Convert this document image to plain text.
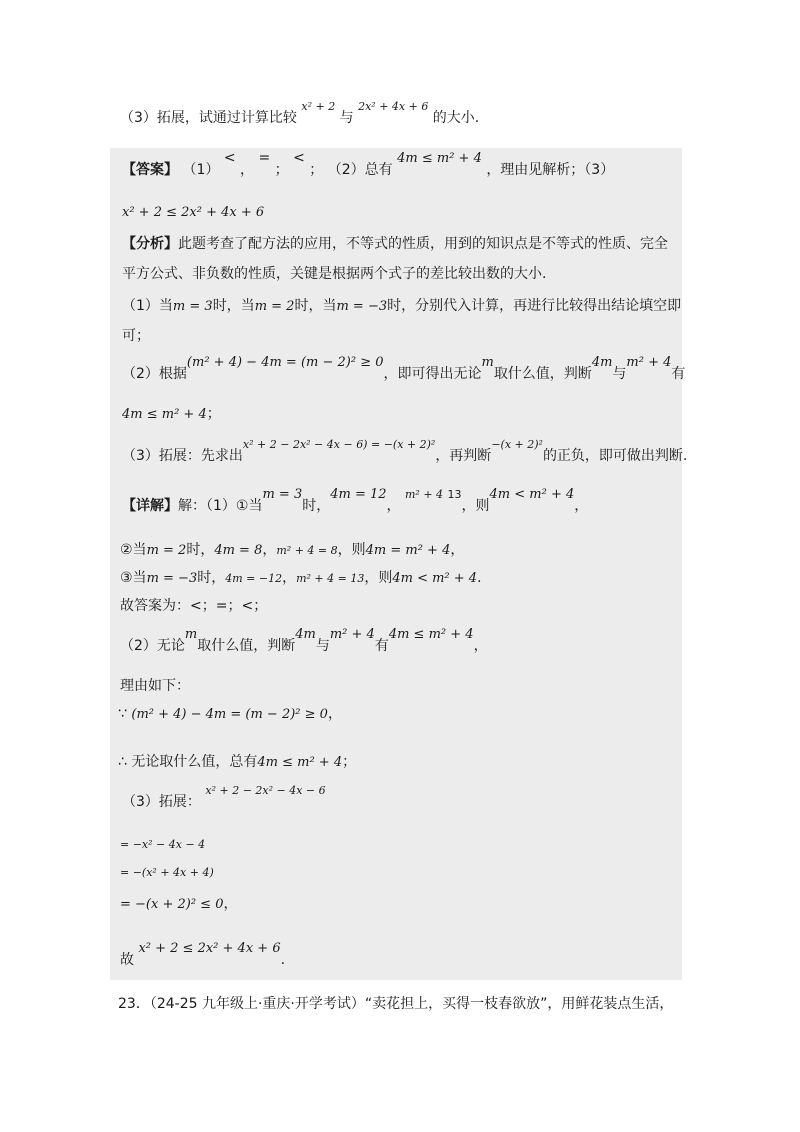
（3）拓展，试通过计算比较 $^{x^2 + 2}$ 与 $^{2x^2 + 4x + 6}$ 的大小.
【答案】 （1） < ， = ； < ； （2）总有 4m ≤ m² + 4 ，理由见解析；（3）
x² + 2 ≤ 2x² + 4x + 6
【分析】此题考查了配方法的应用，不等式的性质，用到的知识点是不等式的性质、完全
平方公式、非负数的性质，关键是根据两个式子的差比较出数的大小.
（1）当m = 3时，当m = 2时，当m = −3时，分别代入计算，再进行比较得出结论填空即
可；
（2）根据(m² + 4) − 4m = (m − 2)² ≥ 0，即可得出无论m取什么值，判断4m与m² + 4有
4m ≤ m² + 4；
（3）拓展：先求出$^{x^2 + 2 - 2x^2 - 4x - 6) = -(x + 2)^2}$，再判断$^{-(x + 2)^2}$的正负，即可做出判断.
【详解】解：（1）①当m = 3时，4m = 12， $^{m^2 + 4}$ $^{13}$，则4m < m² + 4，
②当m = 2时，4m = 8，m² + 4 = 8，则4m = m² + 4，
③当m = −3时，4m = −12，m² + 4 = 13，则4m < m² + 4.
故答案为：<；=；<；
（2）无论m取什么值，判断4m与m² + 4有4m ≤ m² + 4，
理由如下：
∵ (m² + 4) − 4m = (m − 2)² ≥ 0，
∴ 无论取什么值，总有4m ≤ m² + 4；
（3）拓展： $^{x^2 + 2 - 2x^2 - 4x - 6}$
= −x² − 4x − 4
= −(x² + 4x + 4)
= −(x + 2)² ≤ 0，
故 x² + 2 ≤ 2x² + 4x + 6.
23．（24-25 九年级上·重庆·开学考试）“卖花担上，买得一枝春欲放”，用鲜花装点生活，
